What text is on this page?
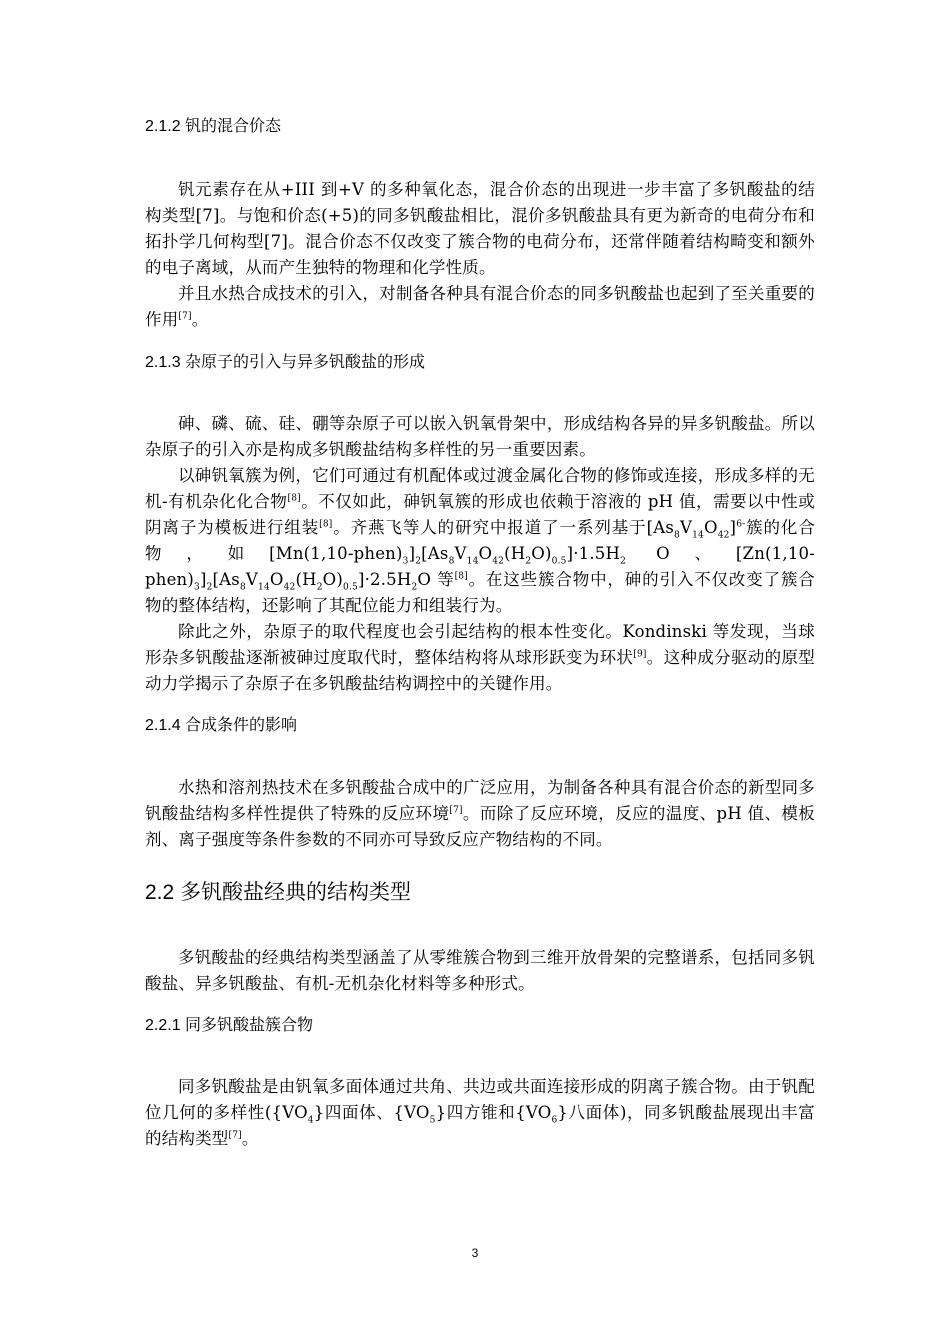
2.1.2 钒的混合价态

钒元素存在从+III 到+V 的多种氧化态，混合价态的出现进一步丰富了多钒酸盐的结构类型[7]。与饱和价态(+5)的同多钒酸盐相比，混价多钒酸盐具有更为新奇的电荷分布和拓扑学几何构型[7]。混合价态不仅改变了簇合物的电荷分布，还常伴随着结构畸变和额外的电子离域，从而产生独特的物理和化学性质。

并且水热合成技术的引入，对制备各种具有混合价态的同多钒酸盐也起到了至关重要的作用[7]。

2.1.3 杂原子的引入与异多钒酸盐的形成

砷、磷、硫、硅、硼等杂原子可以嵌入钒氧骨架中，形成结构各异的异多钒酸盐。所以杂原子的引入亦是构成多钒酸盐结构多样性的另一重要因素。

以砷钒氧簇为例，它们可通过有机配体或过渡金属化合物的修饰或连接，形成多样的无机-有机杂化化合物[8]。不仅如此，砷钒氧簇的形成也依赖于溶液的 pH 值，需要以中性或阴离子为模板进行组装[8]。齐燕飞等人的研究中报道了一系列基于$[As_8V_{14}O_{42}]^{6-}$簇的化合物，如$[Mn(1,10-phen)_3]_2[As_8V_{14}O_{42}(H_2O)_{0.5}]\cdot 1.5H_2$ O、$[Zn(1,10-phen)_3]_2[As_8V_{14}O_{42}(H_2O)_{0.5}]\cdot 2.5H_2O$ 等[8]。在这些簇合物中，砷的引入不仅改变了簇合物的整体结构，还影响了其配位能力和组装行为。

除此之外，杂原子的取代程度也会引起结构的根本性变化。Kondinski 等发现，当球形杂多钒酸盐逐渐被砷过度取代时，整体结构将从球形跃变为环状[9]。这种成分驱动的原型动力学揭示了杂原子在多钒酸盐结构调控中的关键作用。

2.1.4 合成条件的影响

水热和溶剂热技术在多钒酸盐合成中的广泛应用，为制备各种具有混合价态的新型同多钒酸盐结构多样性提供了特殊的反应环境[7]。而除了反应环境，反应的温度、pH 值、模板剂、离子强度等条件参数的不同亦可导致反应产物结构的不同。

2.2 多钒酸盐经典的结构类型

多钒酸盐的经典结构类型涵盖了从零维簇合物到三维开放骨架的完整谱系，包括同多钒酸盐、异多钒酸盐、有机-无机杂化材料等多种形式。

2.2.1 同多钒酸盐簇合物

同多钒酸盐是由钒氧多面体通过共角、共边或共面连接形成的阴离子簇合物。由于钒配位几何的多样性($\{VO_4\}$四面体、$\{VO_5\}$四方锥和$\{VO_6\}$八面体)，同多钒酸盐展现出丰富的结构类型[7]。

3
